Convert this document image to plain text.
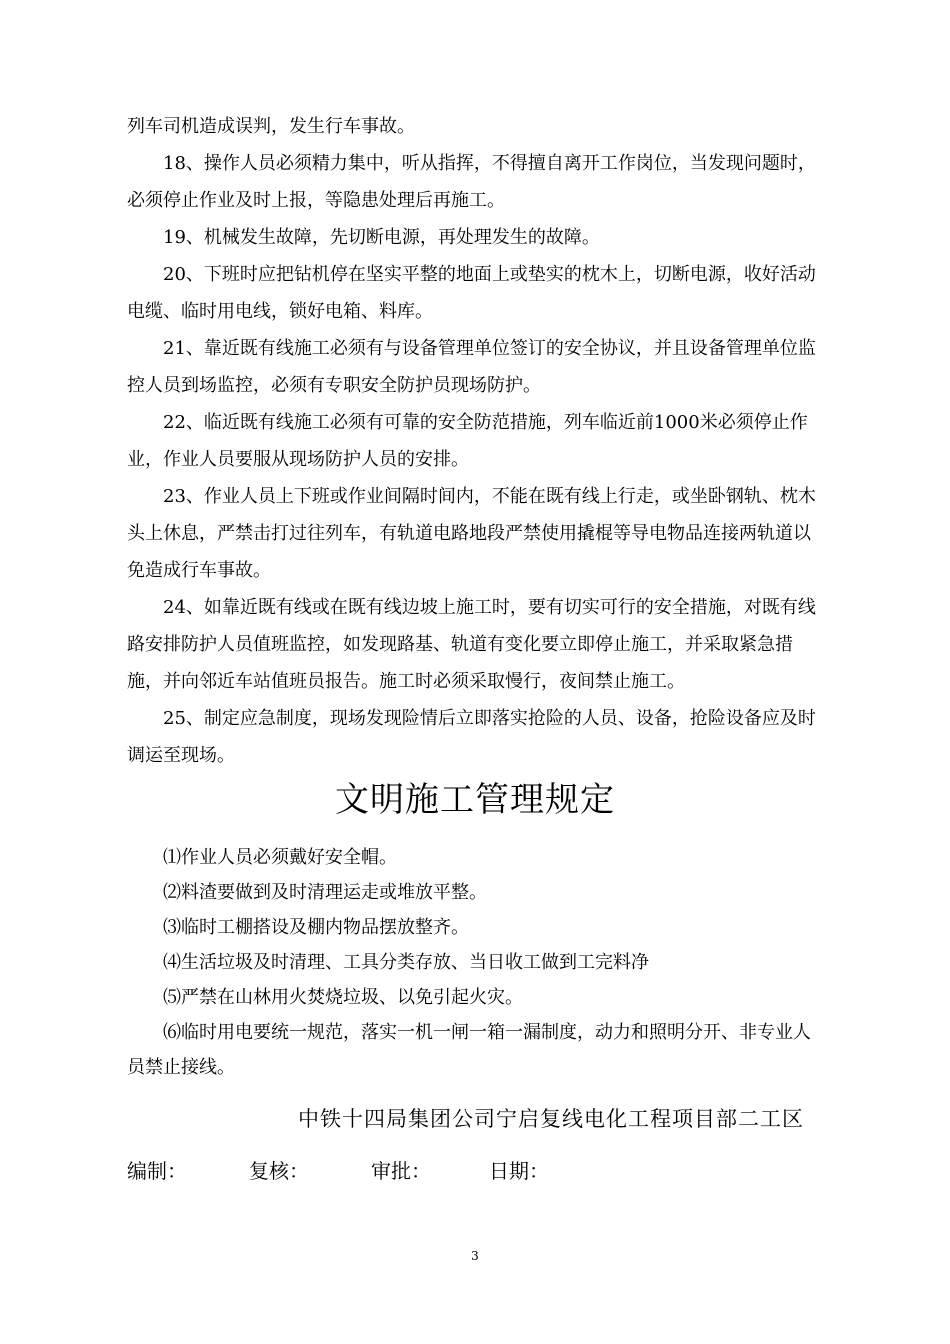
列车司机造成误判，发生行车事故。

18、操作人员必须精力集中，听从指挥，不得擅自离开工作岗位，当发现问题时，必须停止作业及时上报，等隐患处理后再施工。

19、机械发生故障，先切断电源，再处理发生的故障。

20、下班时应把钻机停在坚实平整的地面上或垫实的枕木上，切断电源，收好活动电缆、临时用电线，锁好电箱、料库。

21、靠近既有线施工必须有与设备管理单位签订的安全协议，并且设备管理单位监控人员到场监控，必须有专职安全防护员现场防护。

22、临近既有线施工必须有可靠的安全防范措施，列车临近前1000米必须停止作业，作业人员要服从现场防护人员的安排。

23、作业人员上下班或作业间隔时间内，不能在既有线上行走，或坐卧钢轨、枕木头上休息，严禁击打过往列车，有轨道电路地段严禁使用撬棍等导电物品连接两轨道以免造成行车事故。

24、如靠近既有线或在既有线边坡上施工时，要有切实可行的安全措施，对既有线路安排防护人员值班监控，如发现路基、轨道有变化要立即停止施工，并采取紧急措施，并向邻近车站值班员报告。施工时必须采取慢行，夜间禁止施工。

25、制定应急制度，现场发现险情后立即落实抢险的人员、设备，抢险设备应及时调运至现场。

文明施工管理规定

⑴作业人员必须戴好安全帽。

⑵料渣要做到及时清理运走或堆放平整。

⑶临时工棚搭设及棚内物品摆放整齐。

⑷生活垃圾及时清理、工具分类存放、当日收工做到工完料净

⑸严禁在山林用火焚烧垃圾、以免引起火灾。

⑹临时用电要统一规范，落实一机一闸一箱一漏制度，动力和照明分开、非专业人员禁止接线。

中铁十四局集团公司宁启复线电化工程项目部二工区
编制：	复核：	审批：	日期：
3
